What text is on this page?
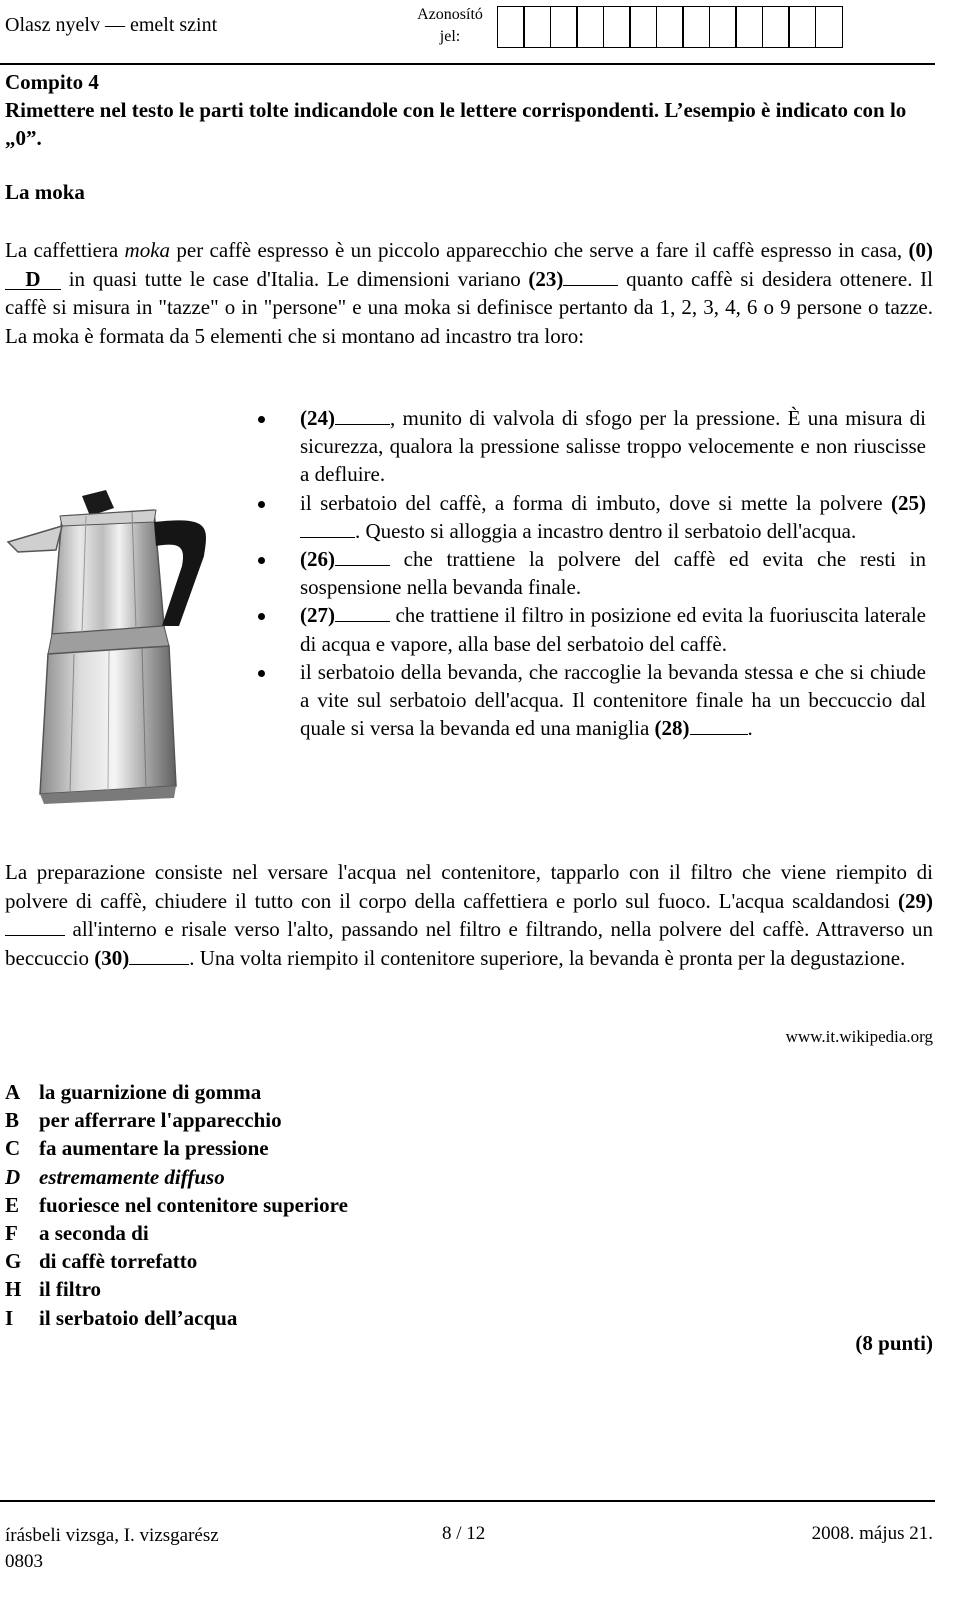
Olasz nyelv — emelt szint	Azonosító
jel:
Compito 4
Rimettere nel testo le parti tolte indicandole con le lettere corrispondenti. L’esempio è indicato con lo „0”.
La moka
La caffettiera moka per caffè espresso è un piccolo apparecchio che serve a fare il caffè espresso in casa, (0)D in quasi tutte le case d'Italia. Le dimensioni variano (23)	quanto caffè si desidera ottenere. Il caffè si misura in "tazze" o in "persone" e una moka si definisce pertanto da 1, 2, 3, 4, 6 o 9 persone o tazze. La moka è formata da 5 elementi che si montano ad incastro tra loro:
(24)	, munito di valvola di sfogo per la pressione. È una misura di sicurezza, qualora la pressione salisse troppo velocemente e non riuscisse a defluire.
il serbatoio del caffè, a forma di imbuto, dove si mette la polvere (25). Questo si alloggia a incastro dentro il serbatoio dell'acqua.
(26)	che trattiene la polvere del caffè ed evita che resti in sospensione nella bevanda finale.
(27)	che trattiene il filtro in posizione ed evita la fuoriuscita laterale di acqua e vapore, alla base del serbatoio del caffè.
il serbatoio della bevanda, che raccoglie la bevanda stessa e che si chiude a vite sul serbatoio dell'acqua. Il contenitore finale ha un beccuccio dal quale si versa la bevanda ed una maniglia (28)	.
La preparazione consiste nel versare l'acqua nel contenitore, tapparlo con il filtro che viene riempito di polvere di caffè, chiudere il tutto con il corpo della caffettiera e porlo sul fuoco. L'acqua scaldandosi (29) all'interno e risale verso l'alto, passando nel filtro e filtrando, nella polvere del caffè. Attraverso un beccuccio (30)	. Una volta riempito il contenitore superiore, la bevanda è pronta per la degustazione.
www.it.wikipedia.org
A la guarnizione di gomma
B per afferrare l'apparecchio
C fa aumentare la pressione
D estremamente diffuso
E fuoriesce nel contenitore superiore
F a seconda di
G di caffè torrefatto
H il filtro
I il serbatoio dell’acqua
(8 punti)
írásbeli vizsga, I. vizsgarész
0803
8 / 12	2008. május 21.
